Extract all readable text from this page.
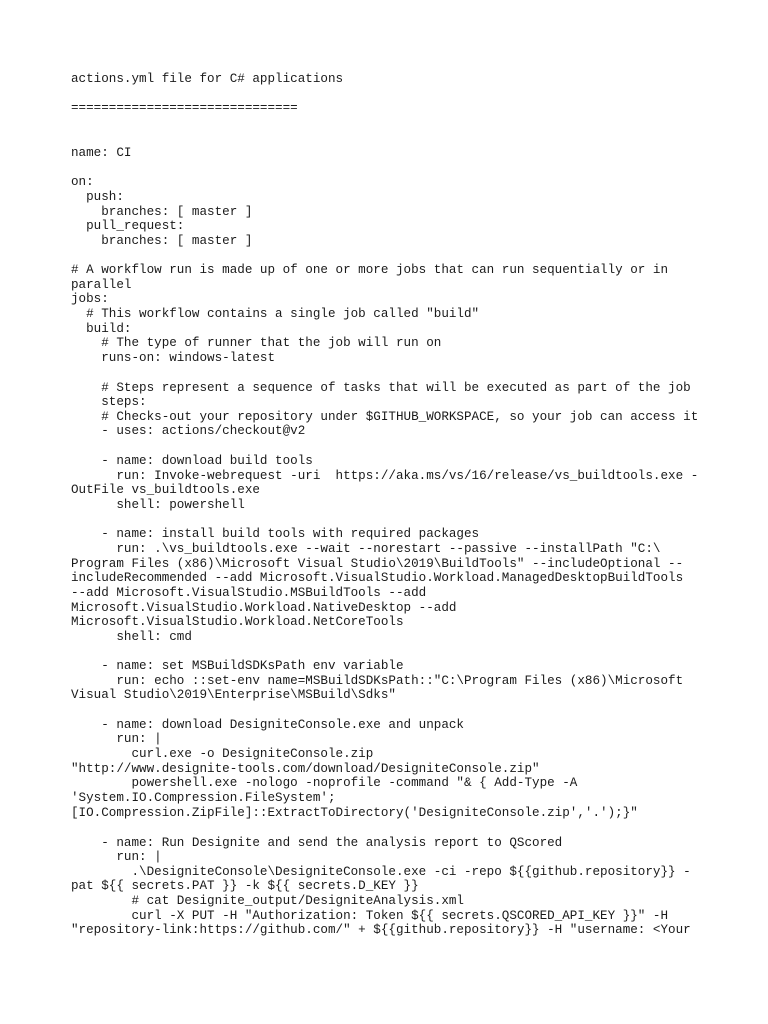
actions.yml file for C# applications
==============================
name: CI
on:
push:
branches: [ master ]
pull_request:
branches: [ master ]
# A workflow run is made up of one or more jobs that can run sequentially or in
parallel
jobs:
# This workflow contains a single job called "build"
build:
# The type of runner that the job will run on
runs-on: windows-latest
# Steps represent a sequence of tasks that will be executed as part of the job
steps:
# Checks-out your repository under $GITHUB_WORKSPACE, so your job can access it
- uses: actions/checkout@v2
- name: download build tools
run: Invoke-webrequest -uri  https://aka.ms/vs/16/release/vs_buildtools.exe -
OutFile vs_buildtools.exe
shell: powershell
- name: install build tools with required packages
run: .\vs_buildtools.exe --wait --norestart --passive --installPath "C:\
Program Files (x86)\Microsoft Visual Studio\2019\BuildTools" --includeOptional --
includeRecommended --add Microsoft.VisualStudio.Workload.ManagedDesktopBuildTools
--add Microsoft.VisualStudio.MSBuildTools --add
Microsoft.VisualStudio.Workload.NativeDesktop --add
Microsoft.VisualStudio.Workload.NetCoreTools
shell: cmd
- name: set MSBuildSDKsPath env variable
run: echo ::set-env name=MSBuildSDKsPath::"C:\Program Files (x86)\Microsoft
Visual Studio\2019\Enterprise\MSBuild\Sdks"
- name: download DesigniteConsole.exe and unpack
run: |
curl.exe -o DesigniteConsole.zip
"http://www.designite-tools.com/download/DesigniteConsole.zip"
powershell.exe -nologo -noprofile -command "& { Add-Type -A
'System.IO.Compression.FileSystem';
[IO.Compression.ZipFile]::ExtractToDirectory('DesigniteConsole.zip','.');}"
- name: Run Designite and send the analysis report to QScored
run: |
.\DesigniteConsole\DesigniteConsole.exe -ci -repo ${{github.repository}} -
pat ${{ secrets.PAT }} -k ${{ secrets.D_KEY }}
# cat Designite_output/DesigniteAnalysis.xml
curl -X PUT -H "Authorization: Token ${{ secrets.QSCORED_API_KEY }}" -H
"repository-link:https://github.com/" + ${{github.repository}} -H "username: <Your
